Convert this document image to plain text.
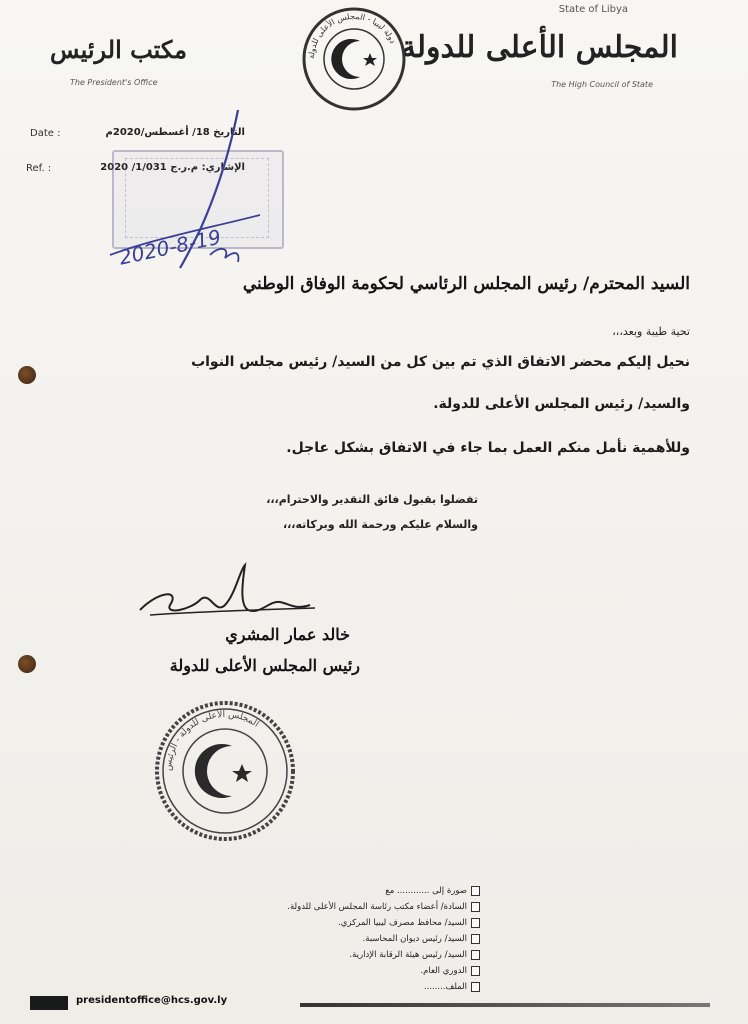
State of Libya
المجلس الأعلى للدولة
The High Council of State
مكتب الرئيس
The President's Office
دولة ليبيا - المجلس الأعلى للدولة
Date :	التاريخ 18/ أغسطس/2020م
Ref. :	الإشاري: م.ر.ج 1/031/ 2020
2020-8-19
السيد المحترم/ رئيس المجلس الرئاسي لحكومة الوفاق الوطني
تحية طيبة وبعد،،،
نحيل إليكم محضر الاتفاق الذي تم بين كل من السيد/ رئيس مجلس النواب
والسيد/ رئيس المجلس الأعلى للدولة.
وللأهمية نأمل منكم العمل بما جاء في الاتفاق بشكل عاجل.
تفضلوا بقبول فائق التقدير والاحترام،،،
والسلام عليكم ورحمة الله وبركاته،،،
خالد عمار المشري
رئيس المجلس الأعلى للدولة
المجلس الأعلى للدولة - الرئيس
صورة إلى ............ مع
السادة/ أعضاء مكتب رئاسة المجلس الأعلى للدولة.
السيد/ محافظ مصرف ليبيا المركزي.
السيد/ رئيس ديوان المحاسبة.
السيد/ رئيس هيئة الرقابة الإدارية.
الدوري العام.
الملف........
presidentoffice@hcs.gov.ly
